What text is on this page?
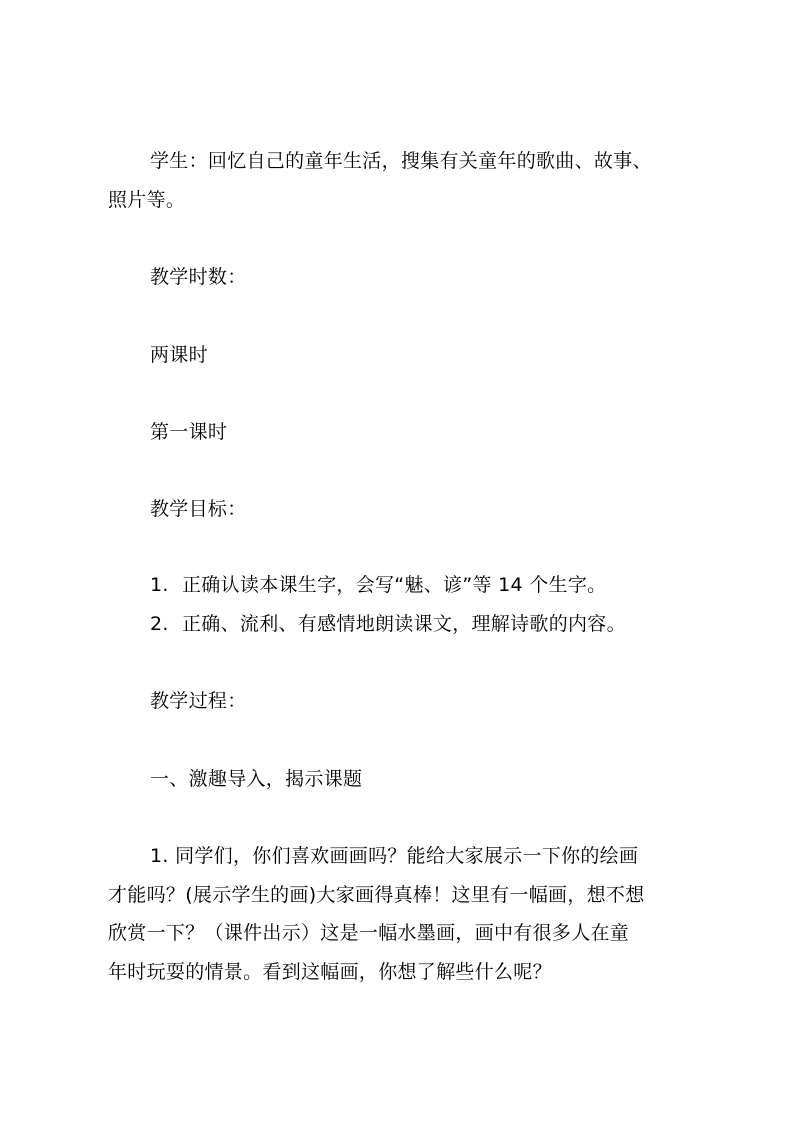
学生：回忆自己的童年生活，搜集有关童年的歌曲、故事、
照片等。
教学时数：
两课时
第一课时
教学目标：
1. 正确认读本课生字，会写“魅、谚”等 14 个生字。
2. 正确、流利、有感情地朗读课文，理解诗歌的内容。
教学过程：
一、激趣导入，揭示课题
1. 同学们，你们喜欢画画吗？能给大家展示一下你的绘画
才能吗？(展示学生的画)大家画得真棒！这里有一幅画，想不想
欣赏一下？（课件出示）这是一幅水墨画，画中有很多人在童
年时玩耍的情景。看到这幅画，你想了解些什么呢？
